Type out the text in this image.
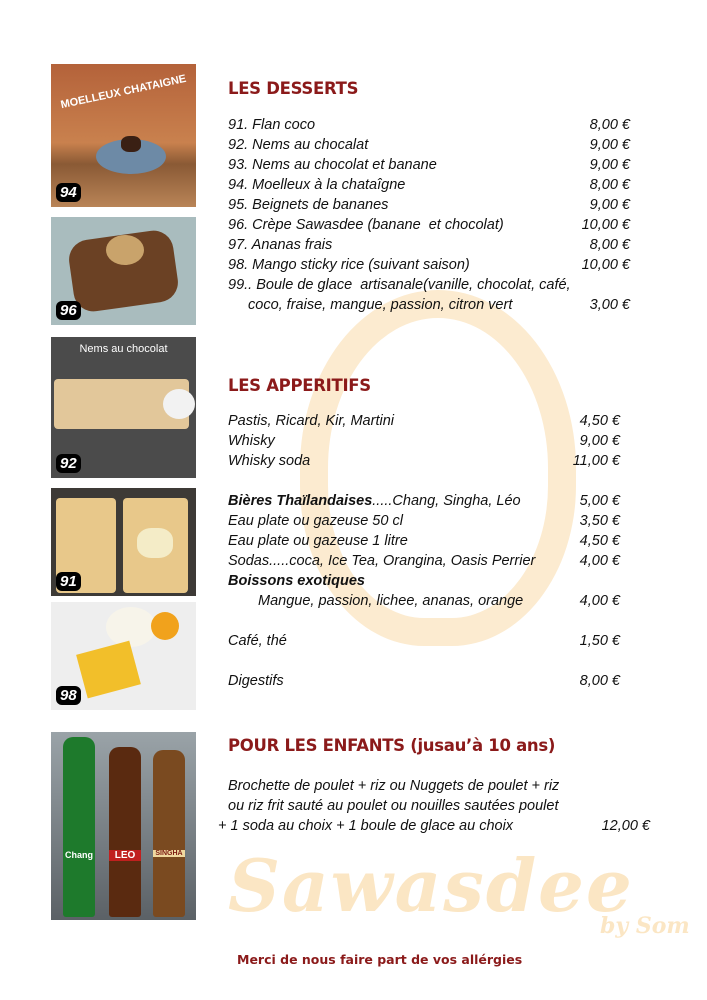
Sawasdee
by Som
MOELLEUX CHATAIGNE
94
96
Nems au chocolat
92
91
98
Chang	LEO	SINGHA
LES DESSERTS
91. Flan coco	8,00 €
92. Nems au chocalat	9,00 €
93. Nems au chocolat et banane	9,00 €
94. Moelleux à la chataîgne	8,00 €
95. Beignets de bananes	9,00 €
96. Crèpe Sawasdee (banane  et chocolat)	10,00 €
97. Ananas frais	8,00 €
98. Mango sticky rice (suivant saison)	10,00 €
99.. Boule de glace  artisanale(vanille, chocolat, café,
coco, fraise, mangue, passion, citron vert	3,00 €
LES APPERITIFS
Pastis, Ricard, Kir, Martini	4,50 €
Whisky	9,00 €
Whisky soda	11,00 €
Bières Thaïlandaises.....Chang, Singha, Léo	5,00 €
Eau plate ou gazeuse 50 cl	3,50 €
Eau plate ou gazeuse 1 litre	4,50 €
Sodas.....coca, Ice Tea, Orangina, Oasis Perrier	4,00 €
Boissons exotiques
Mangue, passion, lichee, ananas, orange	4,00 €
Café, thé	1,50 €
Digestifs	8,00 €
POUR LES ENFANTS (jusau’à 10 ans)
Brochette de poulet + riz ou Nuggets de poulet + riz
ou riz frit sauté au poulet ou nouilles sautées poulet
+ 1 soda au choix + 1 boule de glace au choix	12,00 €
Merci de nous faire part de vos allérgies
